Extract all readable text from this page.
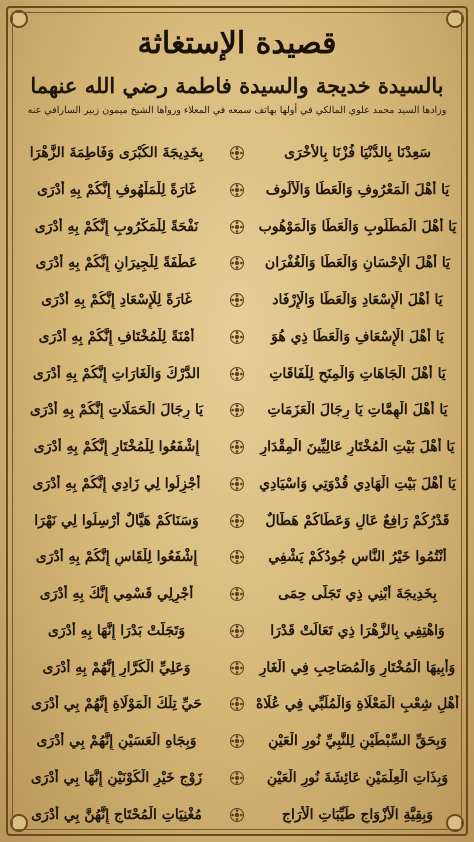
قصيدة الإستغاثة
بالسيدة خديجة والسيدة فاطمة رضي الله عنهما
وزادها السيد محمد علوي المالكي في أولها بهاتف سمعه في المعلاء ورواها الشيخ ميمون زبير السارافي عنه
سَعِدْنَا بِالدُّنْيَا فُزْنَا بِالأُخْرَى
بِخَدِيجَةَ الكُبْرَى وَفَاطِمَةَ الزَّهْرَا
يَا أَهْلَ الْمَعْرُوفِ وَالْعَطَا وَالْأُلُوف
غَارَةً لِلْمَلْهُوفِ إِنَّكُمْ بِهِ أَدْرَى
يَا أَهْلَ الْمَطْلُوبِ وَالْعَطَا وَالْمَوْهُوب
نَفْحَةً لِلْمَكْرُوبِ إِنَّكُمْ بِهِ أَدْرَى
يَا أَهْلَ الْإِحْسَانِ وَالْعَطَا وَالْغُفْرَان
عَطْفَةً لِلْجِيرَانِ إِنَّكُمْ بِهِ أَدْرَى
يَا أَهْلَ الْإِسْعَادِ وَالْعَطَا وَالْإِرْفَاد
غَارَةً لِلْإِسْعَادِ إِنَّكُمْ بِهِ أَدْرَى
يَا أَهْلَ الْإِسْعَافِ وَالْعَطَا ذِي هُوَ
أَمْنَةً لِلْمُخْتَافِ إِنَّكُمْ بِهِ أَدْرَى
يَا أَهْلَ الْجَاهَاتِ وَالْمِنَحِ لِلْفَاقَاتِ
الدَّرْكَ وَالْغَارَاتِ إِنَّكُمْ بِهِ أَدْرَى
يَا أَهْلَ الْهِمَّاتِ يَا رِجَالَ الْعَزَمَاتِ
يَا رِجَالَ الْحَمَلَاتِ إِنَّكُمْ بِهِ أَدْرَى
يَا أَهْلَ بَيْتِ الْمُخْتَارِ عَالِيِّينَ الْمِقْدَارِ
إِشْفَعُوا لِلْمُخْتَارِ إِنَّكُمْ بِهِ أَدْرَى
يَا أَهْلَ بَيْتِ الْهَادِي قُدْوَتِي وَاسْيَادِي
أَجْزِلُوا لِي زَادِي إِنَّكُمْ بِهِ أَدْرَى
قَدْرُكُمْ رَافِعٌ عَالٍ وَعَطَاكُمْ هَطَّالٌ
وَسَنَاكُمْ هَيَّالٌ أَرْسِلُوا لِي نَهْرَا
أَنْتُمُوا خَيْرُ النَّاسِ جُودُكُمْ يَشْفِي
إِشْفَعُوا لِلْقَاسِ إِنَّكُمْ بِهِ أَدْرَى
بِخَدِيجَةَ أُبْنِي ذِي تَجَلَّى حِمَى
أَجْرِلِي قَسْمِي إِنَّكَ بِهِ أَدْرَى
وَاهْتِفِي بِالزَّهْرَا ذِي تَعَالَتْ قَدْرَا
وَتَجَلَّتْ بَدْرَا إِنَّهَا بِهِ أَدْرَى
وَأَبِيهَا الْمُخْتَارِ وَالْمُصَاحِبِ فِي الْغَارِ
وَعَلِيِّ الْكَرَّارِ إِنَّهُمْ بِهِ أَدْرَى
أَهْلِ شِعْبِ الْمَعْلَاةِ وَالْمُلَبِّي فِي عُلَاهْ
حَيِّ تِلْكَ الْمَوْلَاةِ إِنَّهُمْ بِي أَدْرَى
وَبِحَقِّ السِّبْطَيْنِ لِلنَّبِيِّ نُورِ الْعَيْنِ
وَبِجَاهِ الْعَسَيْنِ إِنَّهُمْ بِي أَدْرَى
وَبِذَاتِ الْعِلْمَيْنِ عَائِشَةَ نُورِ الْعَيْنِ
زَوْجِ خَيْرِ الْكَوْنَيْنِ إِنَّهَا بِي أَدْرَى
وَبِقِيَّةِ الْأَزْوَاجِ طَيِّبَاتِ الْأَرَاجِ
مُغْنِيَاتِ الْمُحْتَاجِ إِنَّهُنَّ بِي أَدْرَى
